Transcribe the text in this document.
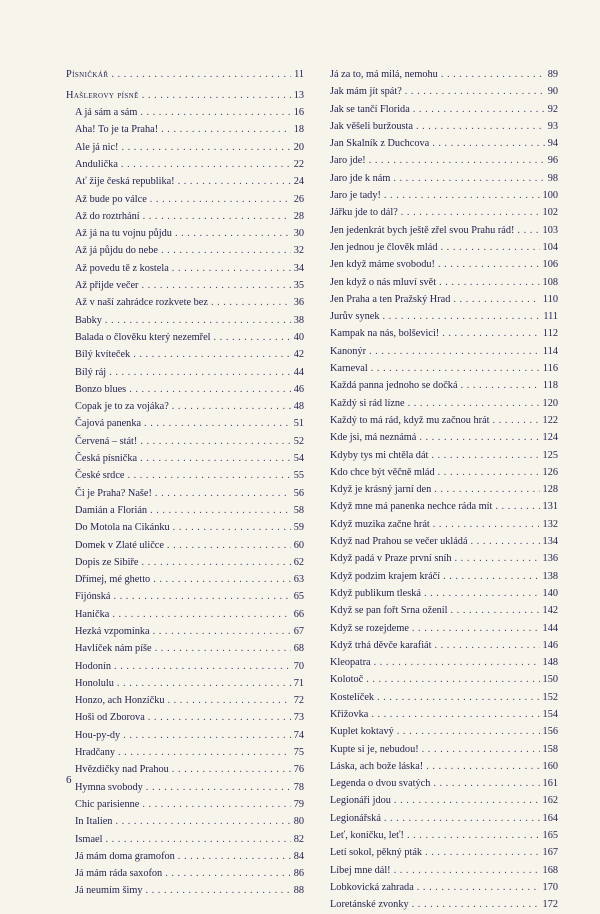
Písničkář . . .	11
Hašlerovy písně . . .	13
A já sám a sám . . .	16
Aha! To je ta Praha! . . .	18
Ale já nic! . . .	20
Andulička . . .	22
Ať žije česká republika! . . .	24
Až bude po válce . . .	26
Až do roztrhání . . .	28
Až já na tu vojnu půjdu . . .	30
Až já půjdu do nebe . . .	32
Až povedu tě z kostela . . .	34
Až přijde večer . . .	35
Až v naší zahrádce rozkvete bez . . .	36
Babky . . .	38
Balada o člověku který nezemřel . . .	40
Bílý kvíteček . . .	42
Bílý ráj . . .	44
Bonzo blues . . .	46
Copak je to za vojáka? . . .	48
Čajová panenka . . .	51
Červená – stát! . . .	52
Česká písnička . . .	54
České srdce . . .	55
Či je Praha? Naše! . . .	56
Damián a Florián . . .	58
Do Motola na Cikánku . . .	59
Domek v Zlaté uličce . . .	60
Dopis ze Sibiře . . .	62
Dřímej, mé ghetto . . .	63
Fijónská . . .	65
Hanička . . .	66
Hezká vzpomínka . . .	67
Havlíček nám píše . . .	68
Hodonín . . .	70
Honolulu . . .	71
Honzo, ach Honzíčku . . .	72
Hoši od Zborova . . .	73
Hou-py-dy . . .	74
Hradčany . . .	75
Hvězdičky nad Prahou . . .	76
Hymna svobody . . .	78
Chic parisienne . . .	79
In Italien . . .	80
Ismael . . .	82
Já mám doma gramofon . . .	84
Já mám ráda saxofon . . .	86
Já neumím šimy . . .	88
Já za to, má milá, nemohu . . .	89
Jak mám jít spát? . . .	90
Jak se tančí Florida . . .	92
Jak věšeli buržousta . . .	93
Jan Skalník z Duchcova . . .	94
Jaro jde! . . .	96
Jaro jde k nám . . .	98
Jaro je tady! . . .	100
Jářku jde to dál? . . .	102
Jen jedenkrát bych ještě zřel svou Prahu rád! . . .	103
Jen jednou je člověk mlád . . .	104
Jen když máme svobodu! . . .	106
Jen když o nás mluví svět . . .	108
Jen Praha a ten Pražský Hrad . . .	110
Jurův synek . . .	111
Kampak na nás, bolševici! . . .	112
Kanonýr . . .	114
Karneval . . .	116
Každá panna jednoho se dočká . . .	118
Každý si rád lízne . . .	120
Každý to má rád, když mu začnou hrát . . .	122
Kde jsi, má neznámá . . .	124
Kdyby tys mi chtěla dát . . .	125
Kdo chce být věčně mlád . . .	126
Když je krásný jarní den . . .	128
Když mne má panenka nechce ráda mít . . .	131
Když muzika začne hrát . . .	132
Když nad Prahou se večer ukládá . . .	134
Když padá v Praze první sníh . . .	136
Když podzim krajem kráčí . . .	138
Když publikum tleská . . .	140
Když se pan fořt Srna oženil . . .	142
Když se rozejdeme . . .	144
Když trhá děvče karafiát . . .	146
Kleopatra . . .	148
Kolotoč . . .	150
Kostelíček . . .	152
Křižovka . . .	154
Kuplet koktavý . . .	156
Kupte si je, nebudou! . . .	158
Láska, ach bože láska! . . .	160
Legenda o dvou svatých . . .	161
Legionáři jdou . . .	162
Legionářská . . .	164
Leť, koníčku, leť! . . .	165
Letí sokol, pěkný pták . . .	167
Líbej mne dál! . . .	168
Lobkovická zahrada . . .	170
Loretánské zvonky . . .	172
6
